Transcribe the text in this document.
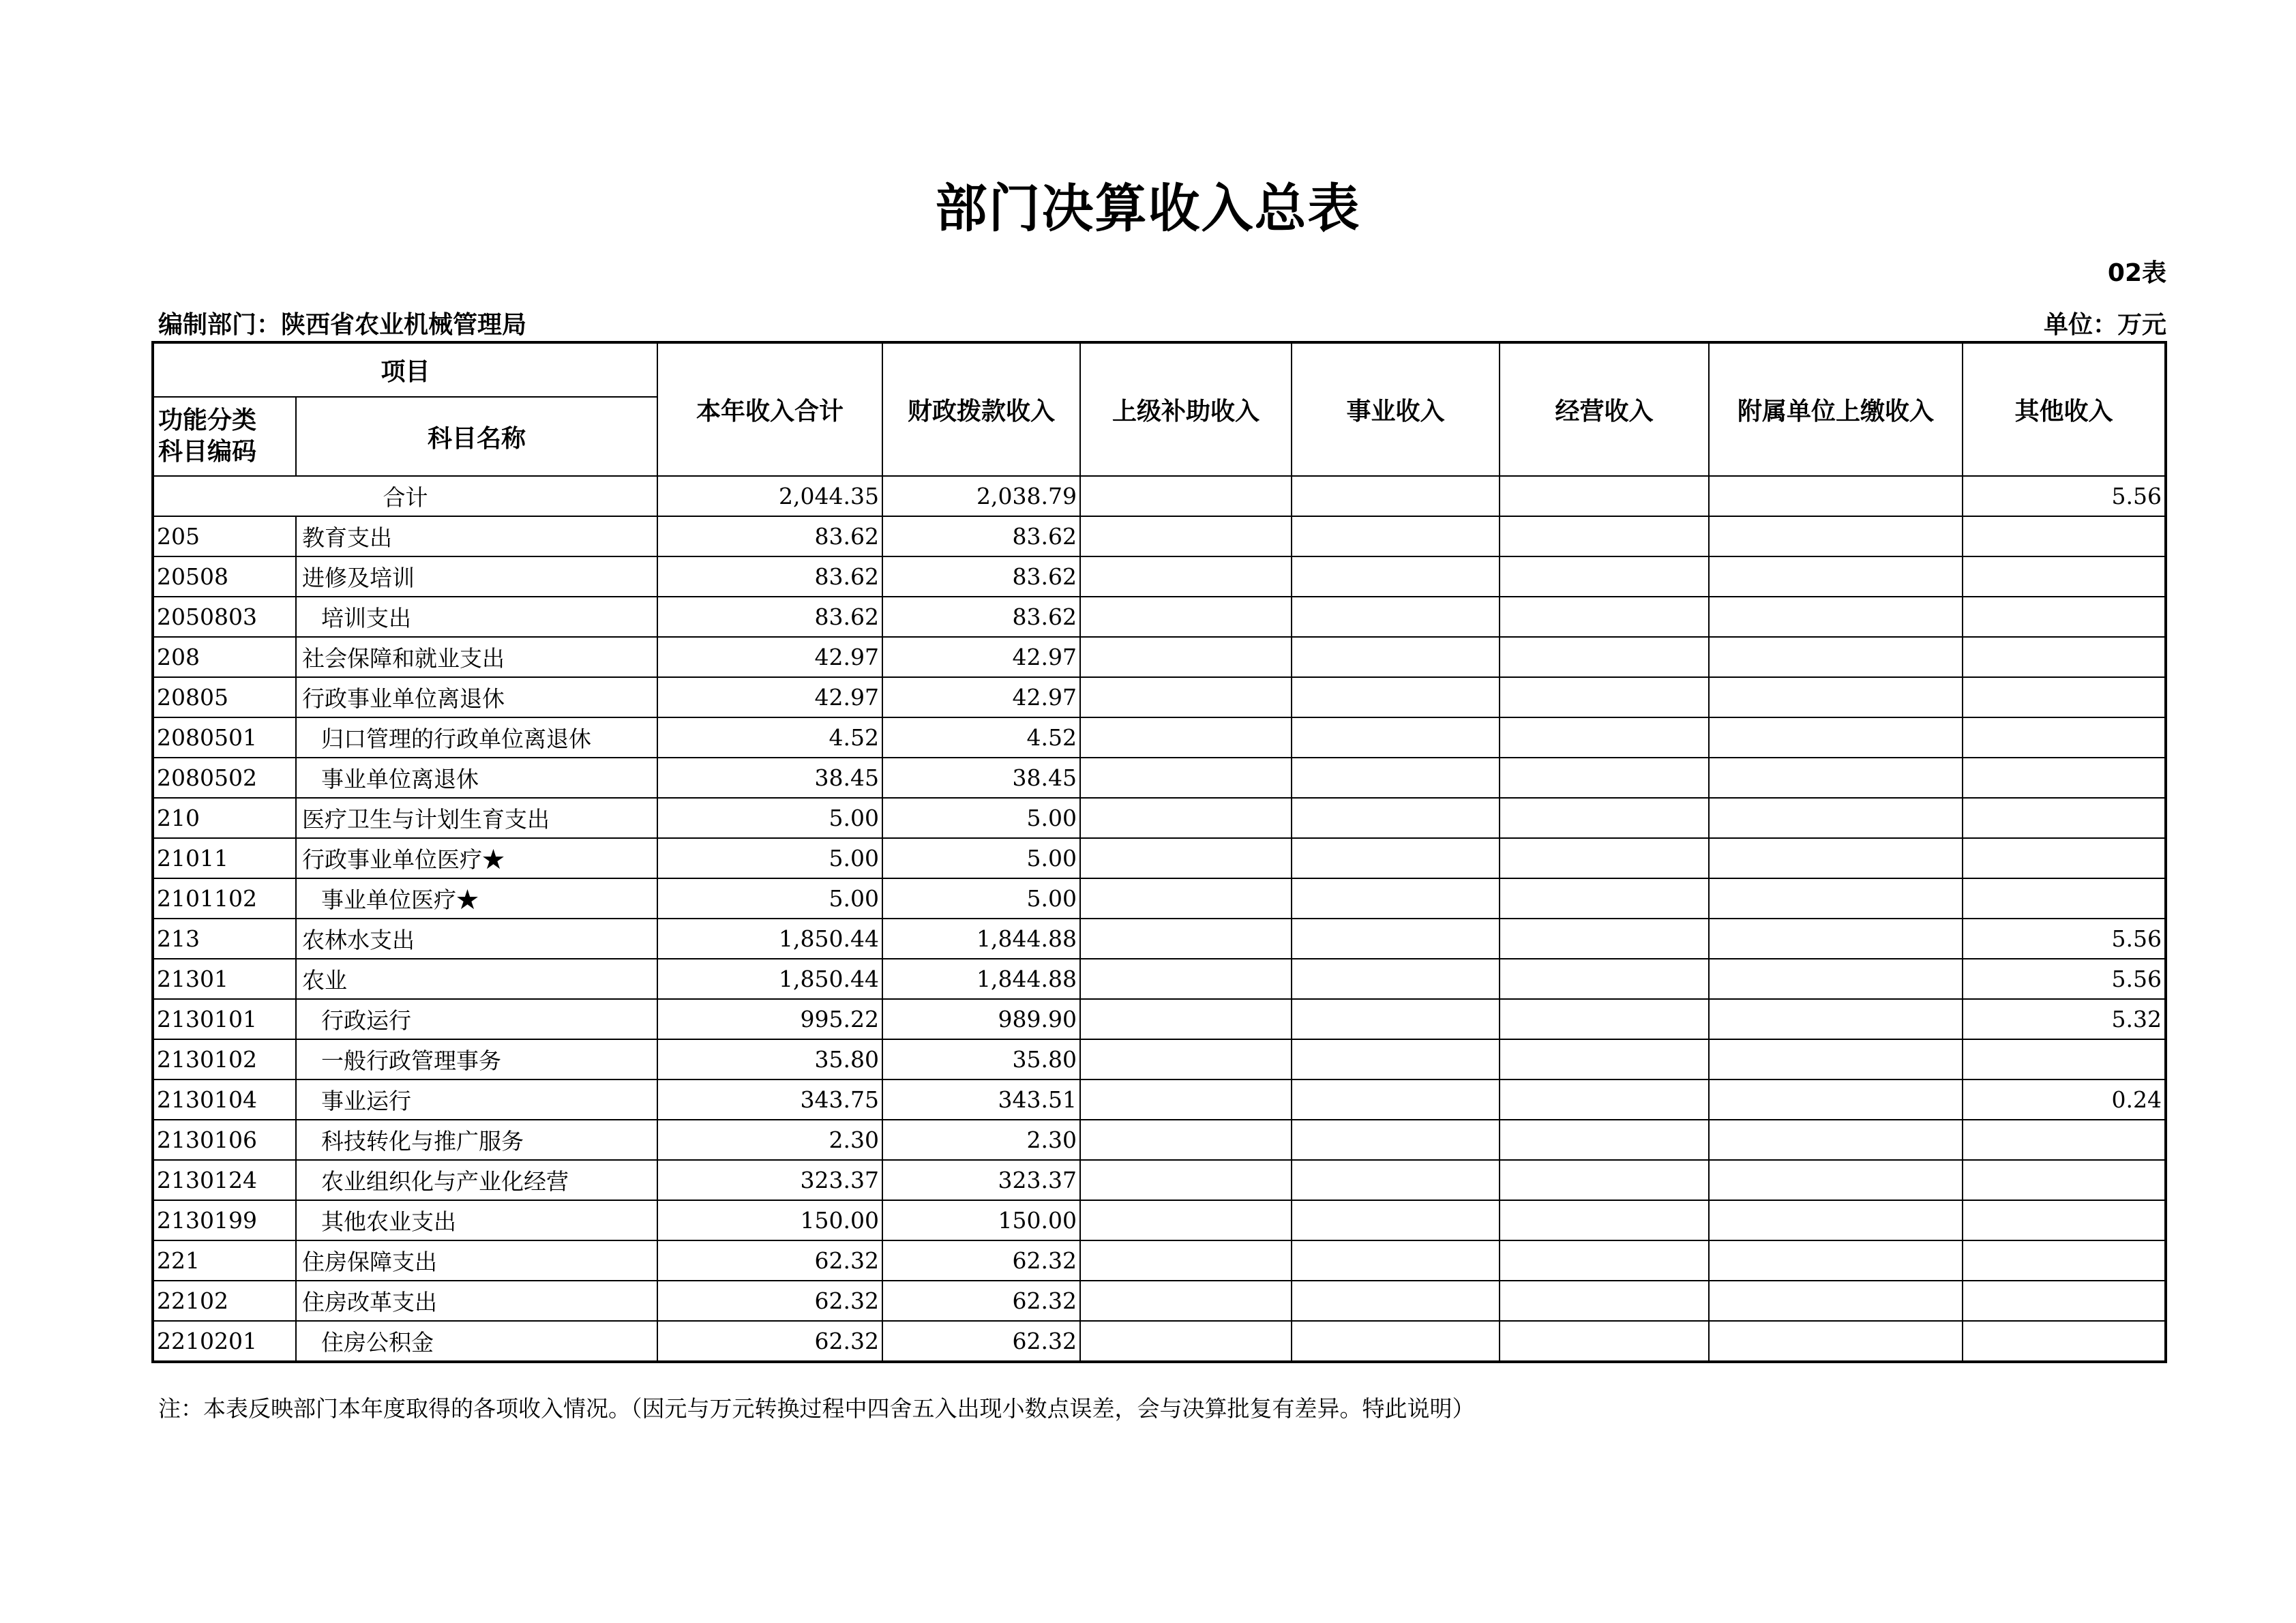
部门决算收入总表
02表
编制部门：陕西省农业机械管理局	单位：万元
项目		本年收入合计	财政拨款收入	上级补助收入	事业收入	经营收入	附属单位上缴收入	其他收入
功能分类
科目编码	科目名称							
合计		2,044.35	2,038.79					5.56
205	教育支出	83.62	83.62					
20508	进修及培训	83.62	83.62					
2050803	培训支出	83.62	83.62					
208	社会保障和就业支出	42.97	42.97					
20805	行政事业单位离退休	42.97	42.97					
2080501	归口管理的行政单位离退休	4.52	4.52					
2080502	事业单位离退休	38.45	38.45					
210	医疗卫生与计划生育支出	5.00	5.00					
21011	行政事业单位医疗★	5.00	5.00					
2101102	事业单位医疗★	5.00	5.00					
213	农林水支出	1,850.44	1,844.88					5.56
21301	农业	1,850.44	1,844.88					5.56
2130101	行政运行	995.22	989.90					5.32
2130102	一般行政管理事务	35.80	35.80					
2130104	事业运行	343.75	343.51					0.24
2130106	科技转化与推广服务	2.30	2.30					
2130124	农业组织化与产业化经营	323.37	323.37					
2130199	其他农业支出	150.00	150.00					
221	住房保障支出	62.32	62.32					
22102	住房改革支出	62.32	62.32					
2210201	住房公积金	62.32	62.32					
注：本表反映部门本年度取得的各项收入情况。（因元与万元转换过程中四舍五入出现小数点误差，会与决算批复有差异。特此说明）
